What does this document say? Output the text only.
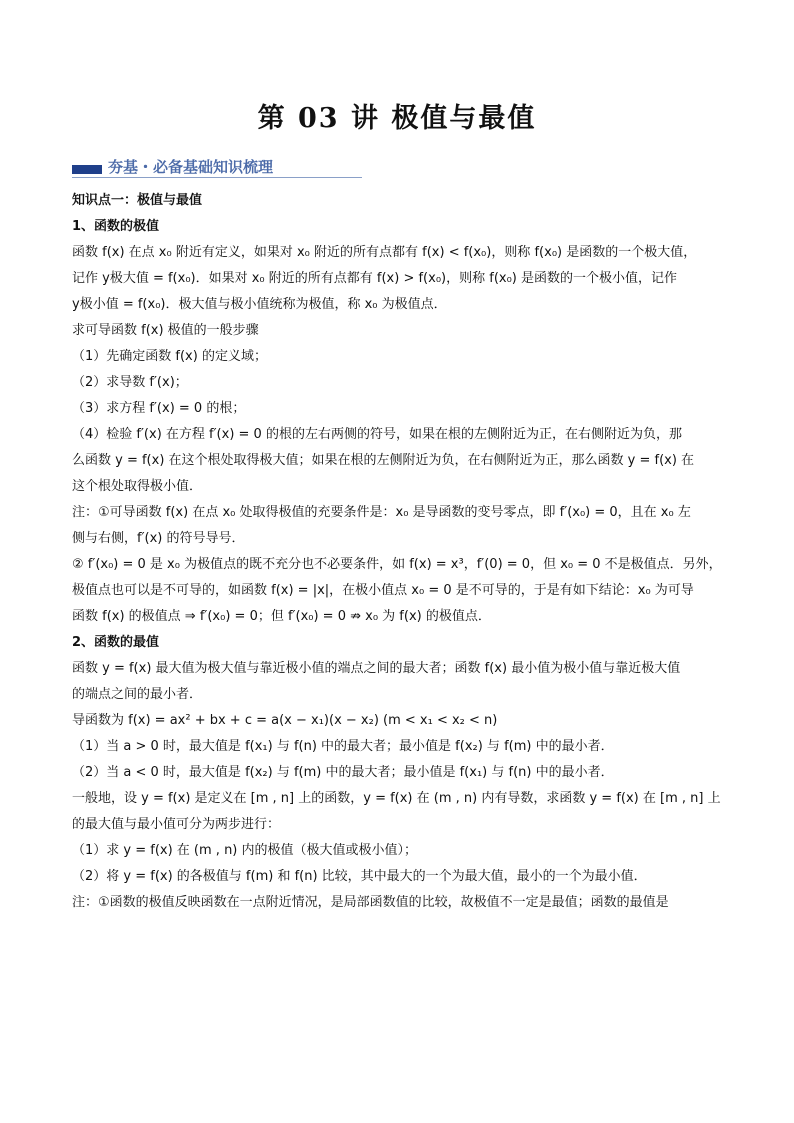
第 03 讲 极值与最值
夯基・必备基础知识梳理

知识点一：极值与最值

1、函数的极值

函数 f(x) 在点 x₀ 附近有定义，如果对 x₀ 附近的所有点都有 f(x) < f(x₀)，则称 f(x₀) 是函数的一个极大值，

记作 y极大值 = f(x₀)．如果对 x₀ 附近的所有点都有 f(x) > f(x₀)，则称 f(x₀) 是函数的一个极小值，记作

y极小值 = f(x₀)．极大值与极小值统称为极值，称 x₀ 为极值点．

求可导函数 f(x) 极值的一般步骤

（1）先确定函数 f(x) 的定义域；

（2）求导数 f′(x)；

（3）求方程 f′(x) = 0 的根；

（4）检验 f′(x) 在方程 f′(x) = 0 的根的左右两侧的符号，如果在根的左侧附近为正，在右侧附近为负，那

么函数 y = f(x) 在这个根处取得极大值；如果在根的左侧附近为负，在右侧附近为正，那么函数 y = f(x) 在

这个根处取得极小值．

注：①可导函数 f(x) 在点 x₀ 处取得极值的充要条件是：x₀ 是导函数的变号零点，即 f′(x₀) = 0，且在 x₀ 左

侧与右侧，f′(x) 的符号导号．

② f′(x₀) = 0 是 x₀ 为极值点的既不充分也不必要条件，如 f(x) = x³，f′(0) = 0，但 x₀ = 0 不是极值点．另外，

极值点也可以是不可导的，如函数 f(x) = |x|，在极小值点 x₀ = 0 是不可导的，于是有如下结论：x₀ 为可导

函数 f(x) 的极值点 ⇒ f′(x₀) = 0；但 f′(x₀) = 0 ⇏ x₀ 为 f(x) 的极值点．

2、函数的最值

函数 y = f(x) 最大值为极大值与靠近极小值的端点之间的最大者；函数 f(x) 最小值为极小值与靠近极大值

的端点之间的最小者．

导函数为 f(x) = ax² + bx + c = a(x − x₁)(x − x₂) (m < x₁ < x₂ < n)

（1）当 a > 0 时，最大值是 f(x₁) 与 f(n) 中的最大者；最小值是 f(x₂) 与 f(m) 中的最小者．

（2）当 a < 0 时，最大值是 f(x₂) 与 f(m) 中的最大者；最小值是 f(x₁) 与 f(n) 中的最小者．

一般地，设 y = f(x) 是定义在 [m , n] 上的函数，y = f(x) 在 (m , n) 内有导数，求函数 y = f(x) 在 [m , n] 上

的最大值与最小值可分为两步进行：

（1）求 y = f(x) 在 (m , n) 内的极值（极大值或极小值）；

（2）将 y = f(x) 的各极值与 f(m) 和 f(n) 比较，其中最大的一个为最大值，最小的一个为最小值．

注：①函数的极值反映函数在一点附近情况，是局部函数值的比较，故极值不一定是最值；函数的最值是
